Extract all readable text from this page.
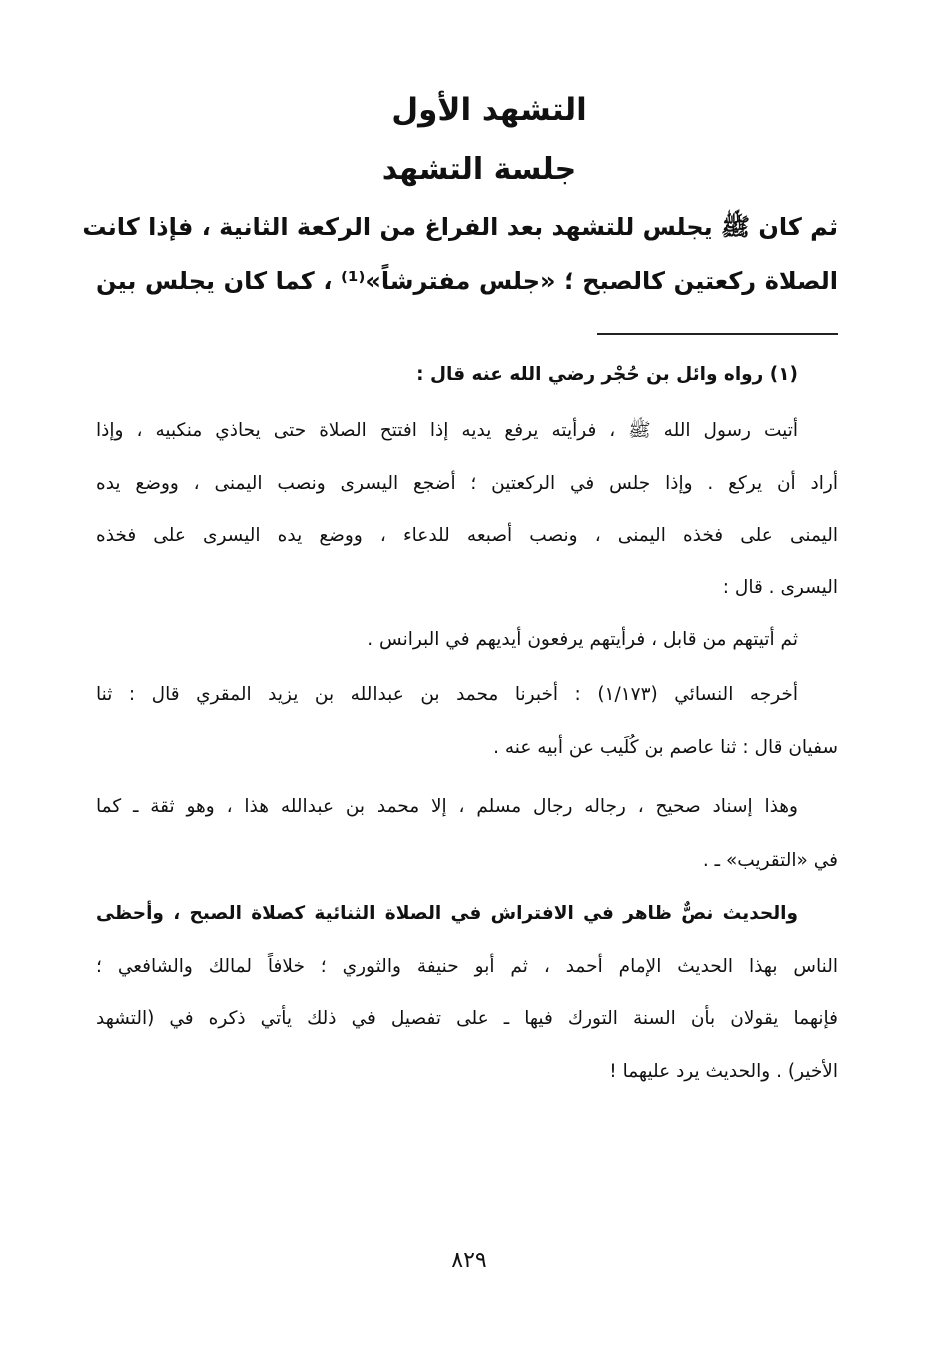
التشهد الأول
جلسة التشهد
ثم كان ﷺ يجلس للتشهد بعد الفراغ من الركعة الثانية ، فإذا كانت
الصلاة ركعتين كالصبح ؛ «جلس مفترشاً»⁽¹⁾ ، كما كان يجلس بين
(١) رواه وائل بن حُجْر رضي الله عنه قال :
أتيت رسول الله ﷺ ، فرأيته يرفع يديه إذا افتتح الصلاة حتى يحاذي منكبيه ، وإذا
أراد أن يركع . وإذا جلس في الركعتين ؛ أضجع اليسرى ونصب اليمنى ، ووضع يده
اليمنى على فخذه اليمنى ، ونصب أصبعه للدعاء ، ووضع يده اليسرى على فخذه
اليسرى . قال :
ثم أتيتهم من قابل ، فرأيتهم يرفعون أيديهم في البرانس .
أخرجه النسائي (١/١٧٣) : أخبرنا محمد بن عبدالله بن يزيد المقري قال : ثنا
سفيان قال : ثنا عاصم بن كُلَيب عن أبيه عنه .
وهذا إسناد صحيح ، رجاله رجال مسلم ، إلا محمد بن عبدالله هذا ، وهو ثقة ـ كما
في «التقريب» ـ .
والحديث نصٌّ ظاهر في الافتراش في الصلاة الثنائية كصلاة الصبح ، وأحظى
الناس بهذا الحديث الإمام أحمد ، ثم أبو حنيفة والثوري ؛ خلافاً لمالك والشافعي ؛
فإنهما يقولان بأن السنة التورك فيها ـ على تفصيل في ذلك يأتي ذكره في (التشهد
الأخير) . والحديث يرد عليهما !
٨٢٩
